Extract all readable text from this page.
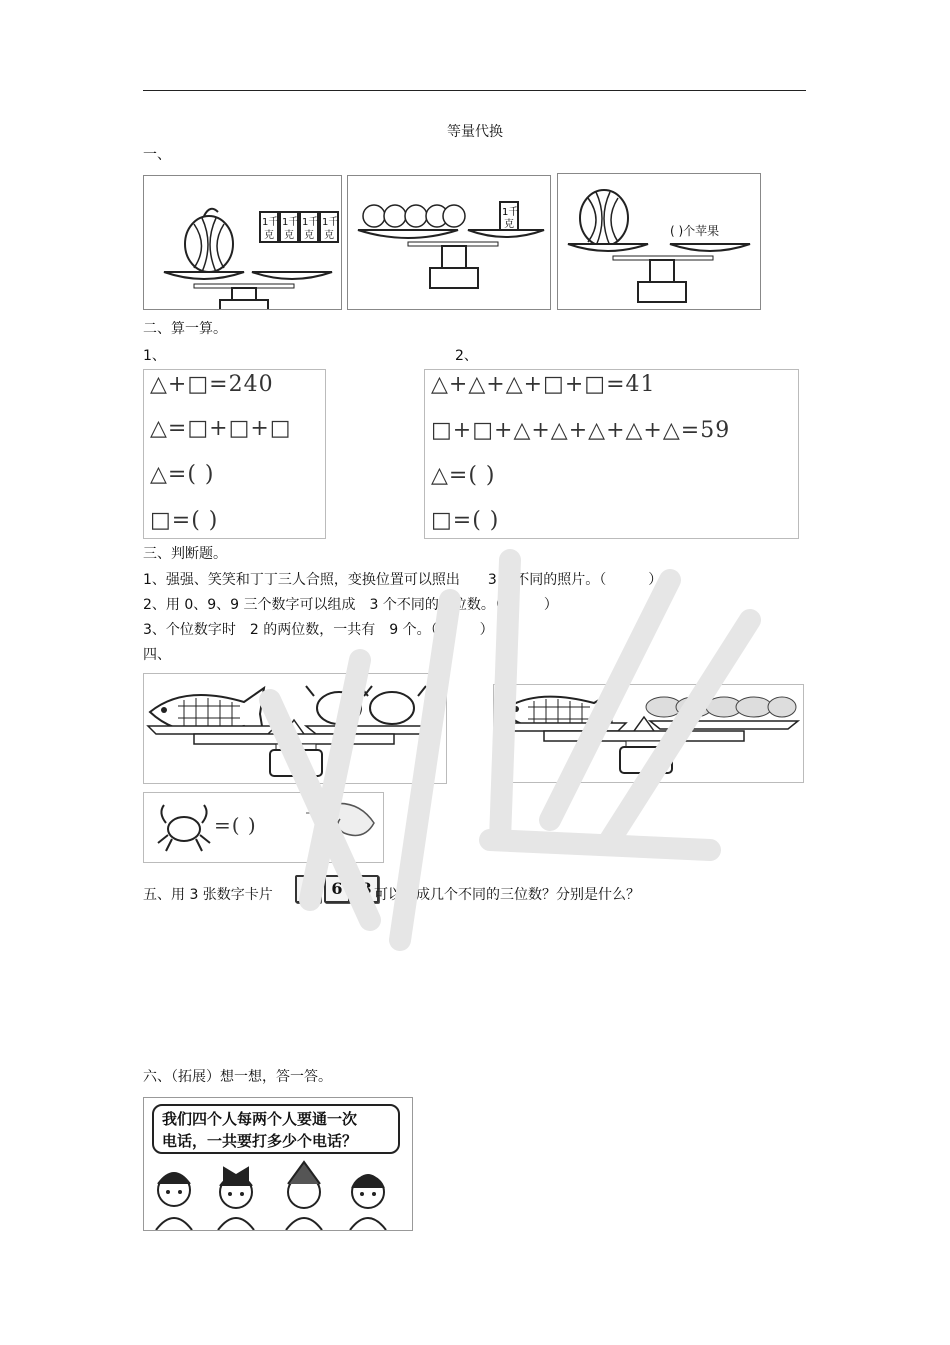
等量代换
一、
1千
克
1千
克
1千
克
1千
克
1千
克	( )个苹果
二、算一算。
1、	2、
△+□=240
△=□+□+□
△=( )
□=( )
△+△+△+□+□=41
□+□+△+△+△+△+△=59
△=( )
□=( )
三、判断题。
1、强强、笑笑和丁丁三人合照，变换位置可以照出　　3 种不同的照片。（　　　）
2、用 0、9、9 三个数字可以组成　3 个不同的三位数。（　　　）
3、个位数字时　2 的两位数，一共有　9 个。（　　　）
四、
=( )
五、用 3 张数字卡片	7 6 8 可以组成几个不同的三位数？分别是什么？
六、（拓展）想一想，答一答。
我们四个人每两个人要通一次
电话，一共要打多少个电话？
